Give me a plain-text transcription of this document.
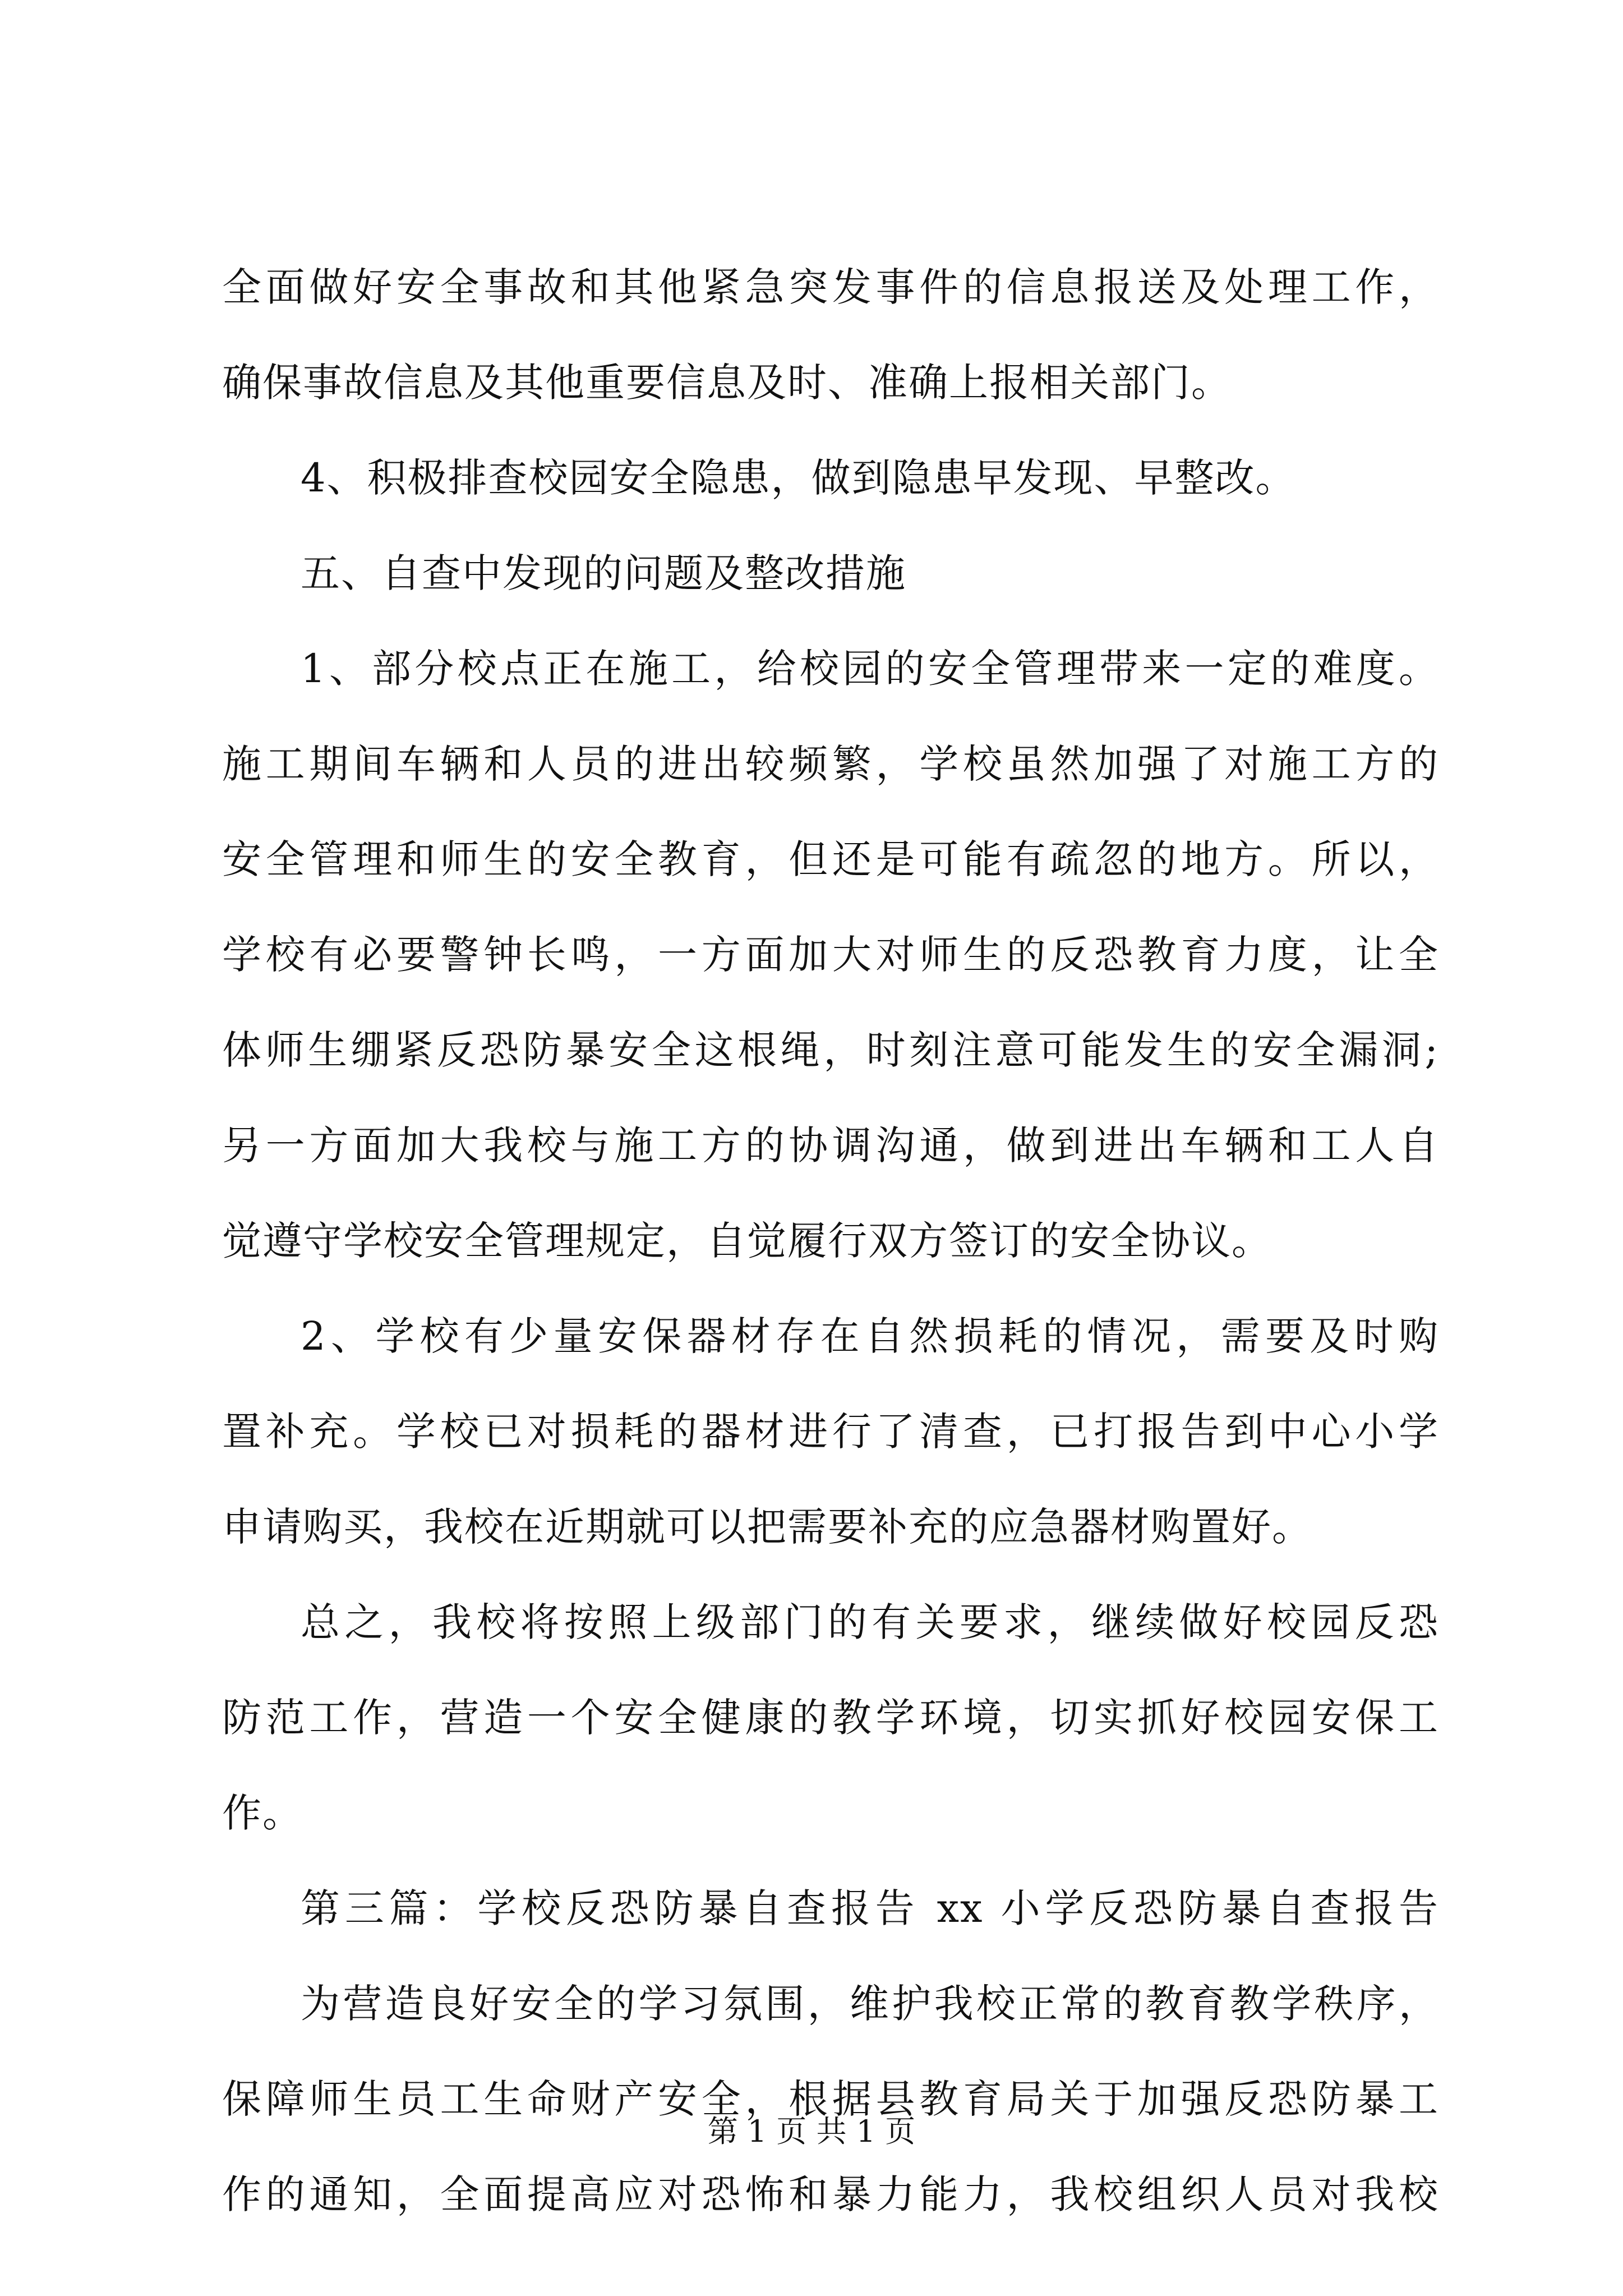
全面做好安全事故和其他紧急突发事件的信息报送及处理工作，
确保事故信息及其他重要信息及时、准确上报相关部门。
4、积极排查校园安全隐患，做到隐患早发现、早整改。
五、自查中发现的问题及整改措施
1、部分校点正在施工，给校园的安全管理带来一定的难度。
施工期间车辆和人员的进出较频繁，学校虽然加强了对施工方的
安全管理和师生的安全教育，但还是可能有疏忽的地方。所以，
学校有必要警钟长鸣，一方面加大对师生的反恐教育力度，让全
体师生绷紧反恐防暴安全这根绳，时刻注意可能发生的安全漏洞;
另一方面加大我校与施工方的协调沟通，做到进出车辆和工人自
觉遵守学校安全管理规定，自觉履行双方签订的安全协议。
2、学校有少量安保器材存在自然损耗的情况，需要及时购
置补充。学校已对损耗的器材进行了清查，已打报告到中心小学
申请购买，我校在近期就可以把需要补充的应急器材购置好。
总之，我校将按照上级部门的有关要求，继续做好校园反恐
防范工作，营造一个安全健康的教学环境，切实抓好校园安保工
作。
第三篇：学校反恐防暴自查报告 xx 小学反恐防暴自查报告
为营造良好安全的学习氛围，维护我校正常的教育教学秩序，
保障师生员工生命财产安全，根据县教育局关于加强反恐防暴工
作的通知，全面提高应对恐怖和暴力能力，我校组织人员对我校
第 1 页 共 1 页
